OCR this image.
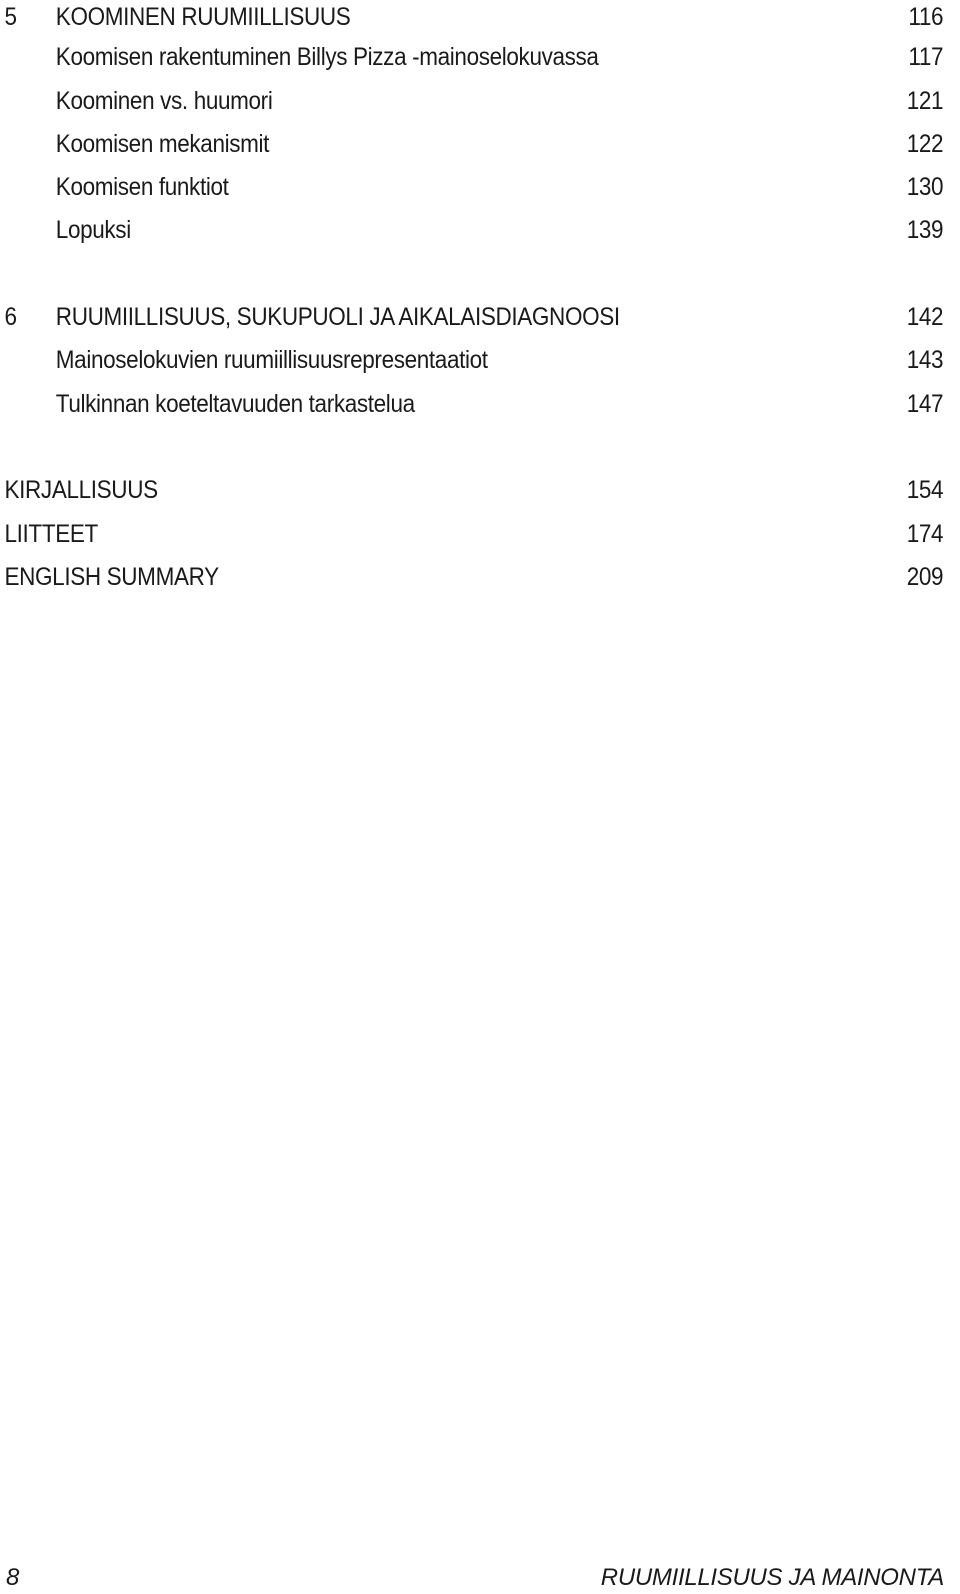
5 KOOMINEN RUUMIILLISUUS	116
Koomisen rakentuminen Billys Pizza -mainoselokuvassa	117
Koominen vs. huumori	121
Koomisen mekanismit	122
Koomisen funktiot	130
Lopuksi	139
6 RUUMIILLISUUS, SUKUPUOLI JA AIKALAISDIAGNOOSI	142
Mainoselokuvien ruumiillisuusrepresentaatiot	143
Tulkinnan koeteltavuuden tarkastelua	147
KIRJALLISUUS	154
LIITTEET	174
ENGLISH SUMMARY	209
8	RUUMIILLISUUS JA MAINONTA
